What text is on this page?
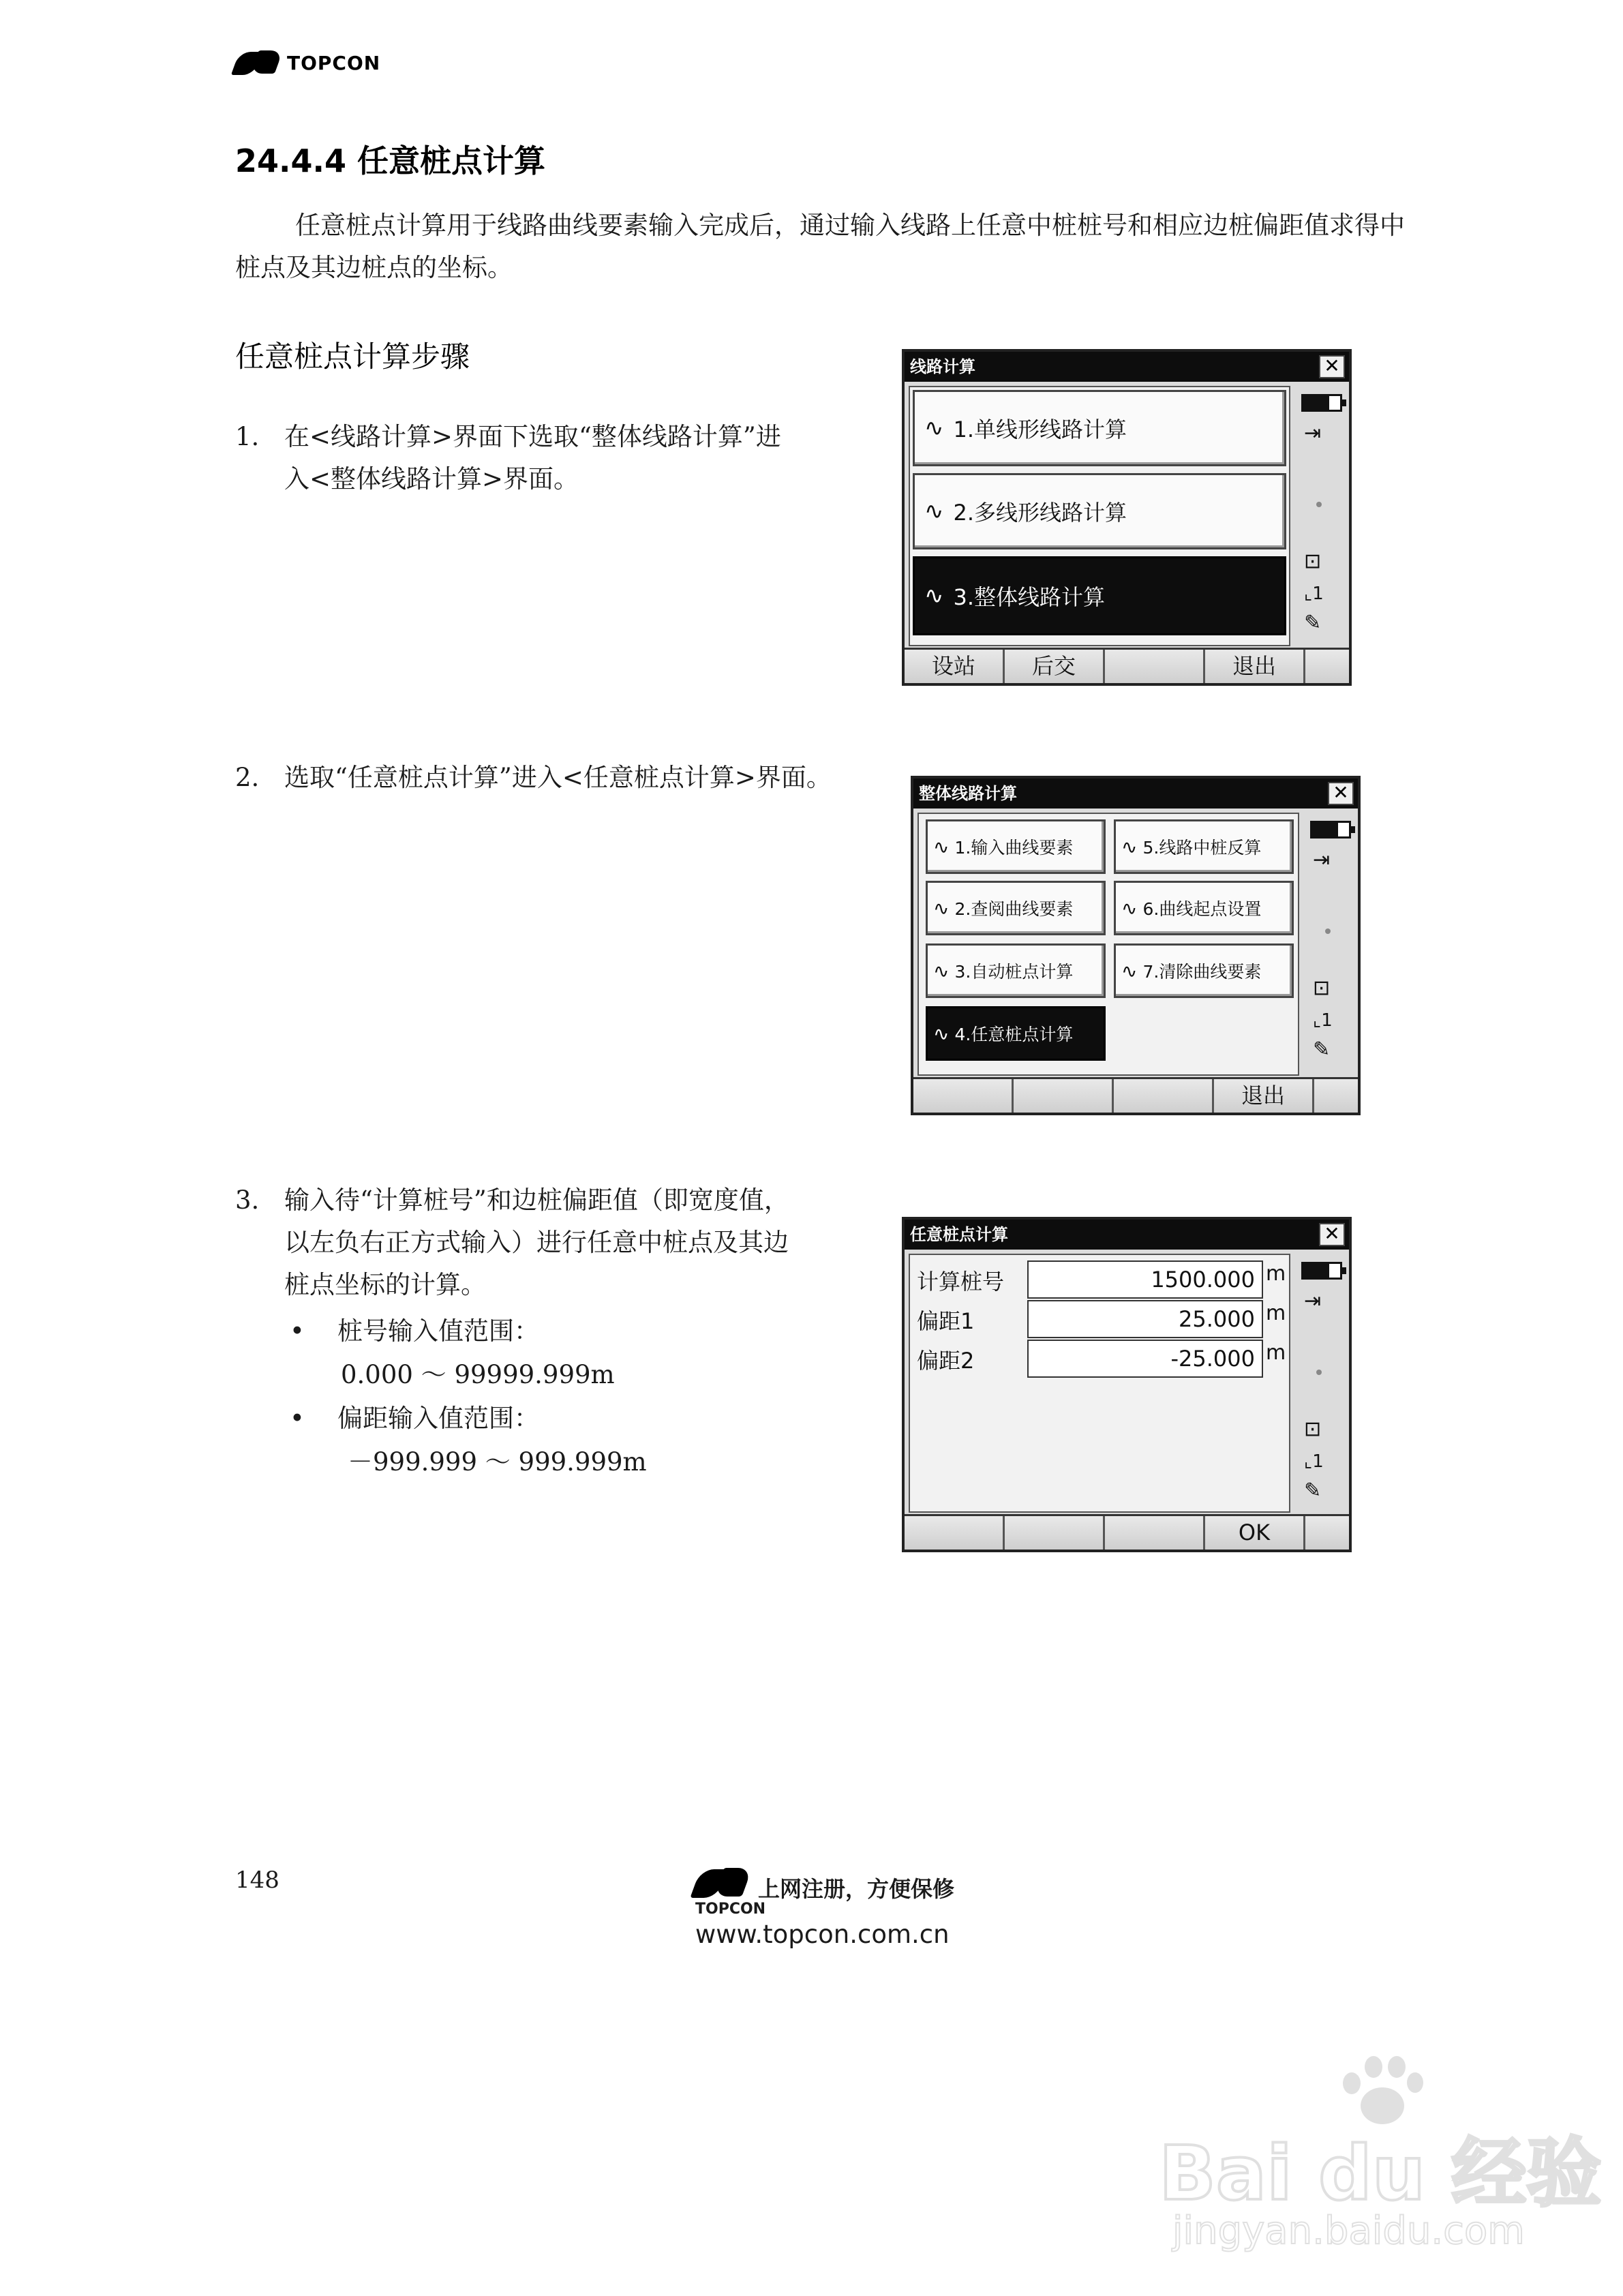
TOPCON
24.4.4 任意桩点计算
任意桩点计算用于线路曲线要素输入完成后，通过输入线路上任意中桩桩号和相应边桩偏距值求得中桩点及其边桩点的坐标。
任意桩点计算步骤
1. 在<线路计算>界面下选取“整体线路计算”进
入<整体线路计算>界面。
2. 选取“任意桩点计算”进入<任意桩点计算>界面。
3. 输入待“计算桩号”和边桩偏距值（即宽度值，
以左负右正方式输入）进行任意中桩点及其边
桩点坐标的计算。
• 桩号输入值范围：
0.000 ～ 99999.999m
• 偏距输入值范围：
－999.999 ～ 999.999m
线路计算	✕
∿ 1.单线形线路计算
∿ 2.多线形线路计算
∿ 3.整体线路计算
⇥
⊡
⌞1
✎
设站	后交	退出
整体线路计算	✕
∿ 1.输入曲线要素
∿ 2.查阅曲线要素
∿ 3.自动桩点计算
∿ 4.任意桩点计算
∿ 5.线路中桩反算
∿ 6.曲线起点设置
∿ 7.清除曲线要素
⇥
⊡
⌞1
✎
退出
任意桩点计算	✕
计算桩号	1500.000 m
偏距1	25.000 m
偏距2	-25.000 m
⇥
⊡
⌞1
✎
OK
148
TOPCON
上网注册，方便保修
www.topcon.com.cn
Bai du 经验
jingyan.baidu.com
